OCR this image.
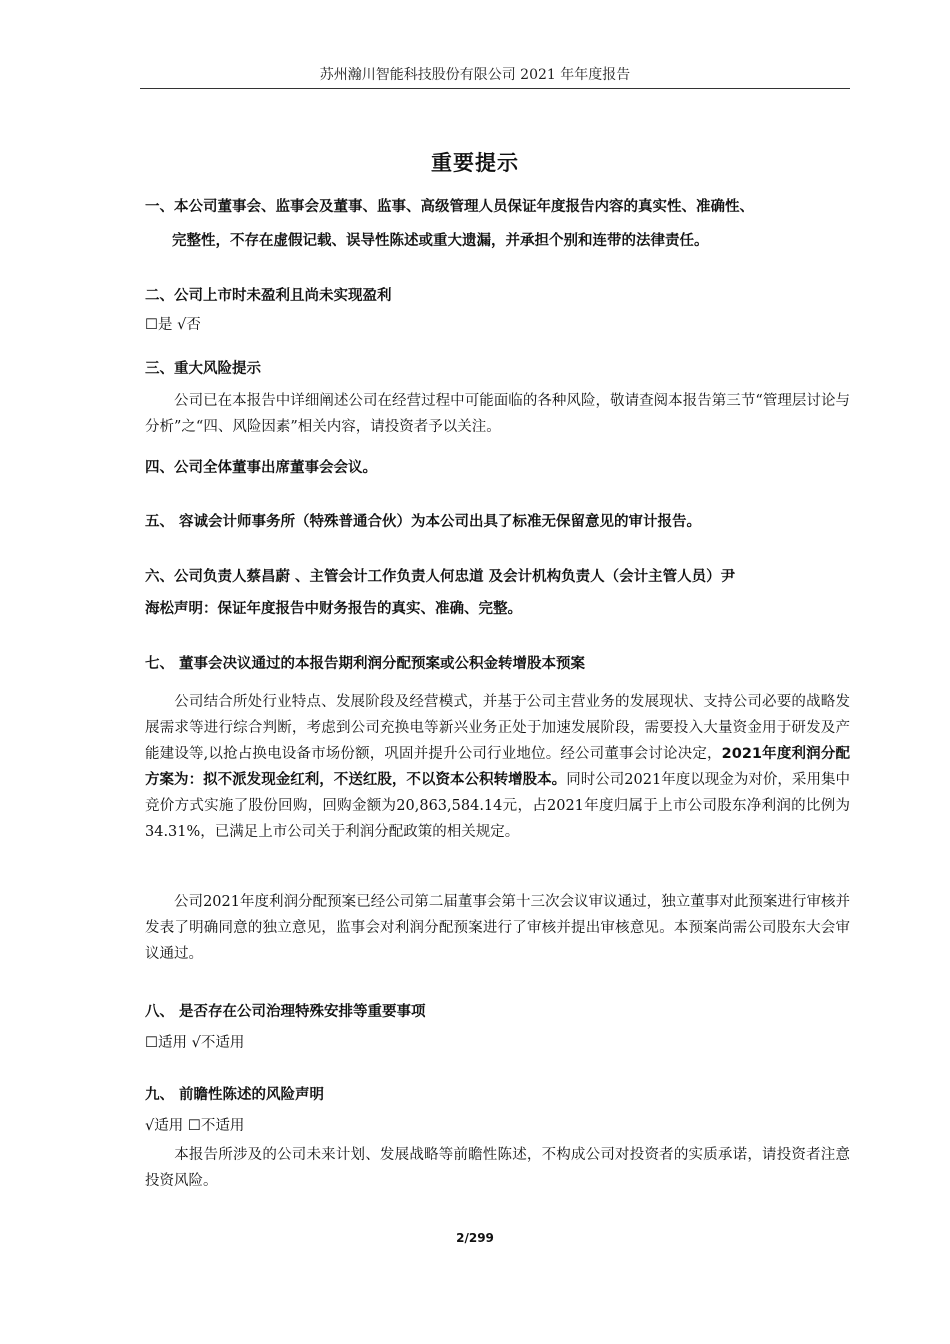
苏州瀚川智能科技股份有限公司 2021 年年度报告
重要提示
一、本公司董事会、监事会及董事、监事、高级管理人员保证年度报告内容的真实性、准确性、
完整性，不存在虚假记载、误导性陈述或重大遗漏，并承担个别和连带的法律责任。
二、公司上市时未盈利且尚未实现盈利
☐是 √否
三、重大风险提示
公司已在本报告中详细阐述公司在经营过程中可能面临的各种风险，敬请查阅本报告第三节“管理层讨论与分析”之“四、风险因素”相关内容，请投资者予以关注。
四、公司全体董事出席董事会会议。
五、 容诚会计师事务所（特殊普通合伙）为本公司出具了标准无保留意见的审计报告。
六、公司负责人蔡昌蔚 、主管会计工作负责人何忠道 及会计机构负责人（会计主管人员）尹
海松声明：保证年度报告中财务报告的真实、准确、完整。
七、 董事会决议通过的本报告期利润分配预案或公积金转增股本预案
公司结合所处行业特点、发展阶段及经营模式，并基于公司主营业务的发展现状、支持公司必要的战略发展需求等进行综合判断，考虑到公司充换电等新兴业务正处于加速发展阶段，需要投入大量资金用于研发及产能建设等,以抢占换电设备市场份额，巩固并提升公司行业地位。经公司董事会讨论决定，2021年度利润分配方案为：拟不派发现金红利，不送红股，不以资本公积转增股本。同时公司2021年度以现金为对价，采用集中竞价方式实施了股份回购，回购金额为20,863,584.14元，占2021年度归属于上市公司股东净利润的比例为34.31%，已满足上市公司关于利润分配政策的相关规定。
公司2021年度利润分配预案已经公司第二届董事会第十三次会议审议通过，独立董事对此预案进行审核并发表了明确同意的独立意见，监事会对利润分配预案进行了审核并提出审核意见。本预案尚需公司股东大会审议通过。
八、 是否存在公司治理特殊安排等重要事项
☐适用 √不适用
九、 前瞻性陈述的风险声明
√适用 ☐不适用
本报告所涉及的公司未来计划、发展战略等前瞻性陈述，不构成公司对投资者的实质承诺，请投资者注意投资风险。
2/299
